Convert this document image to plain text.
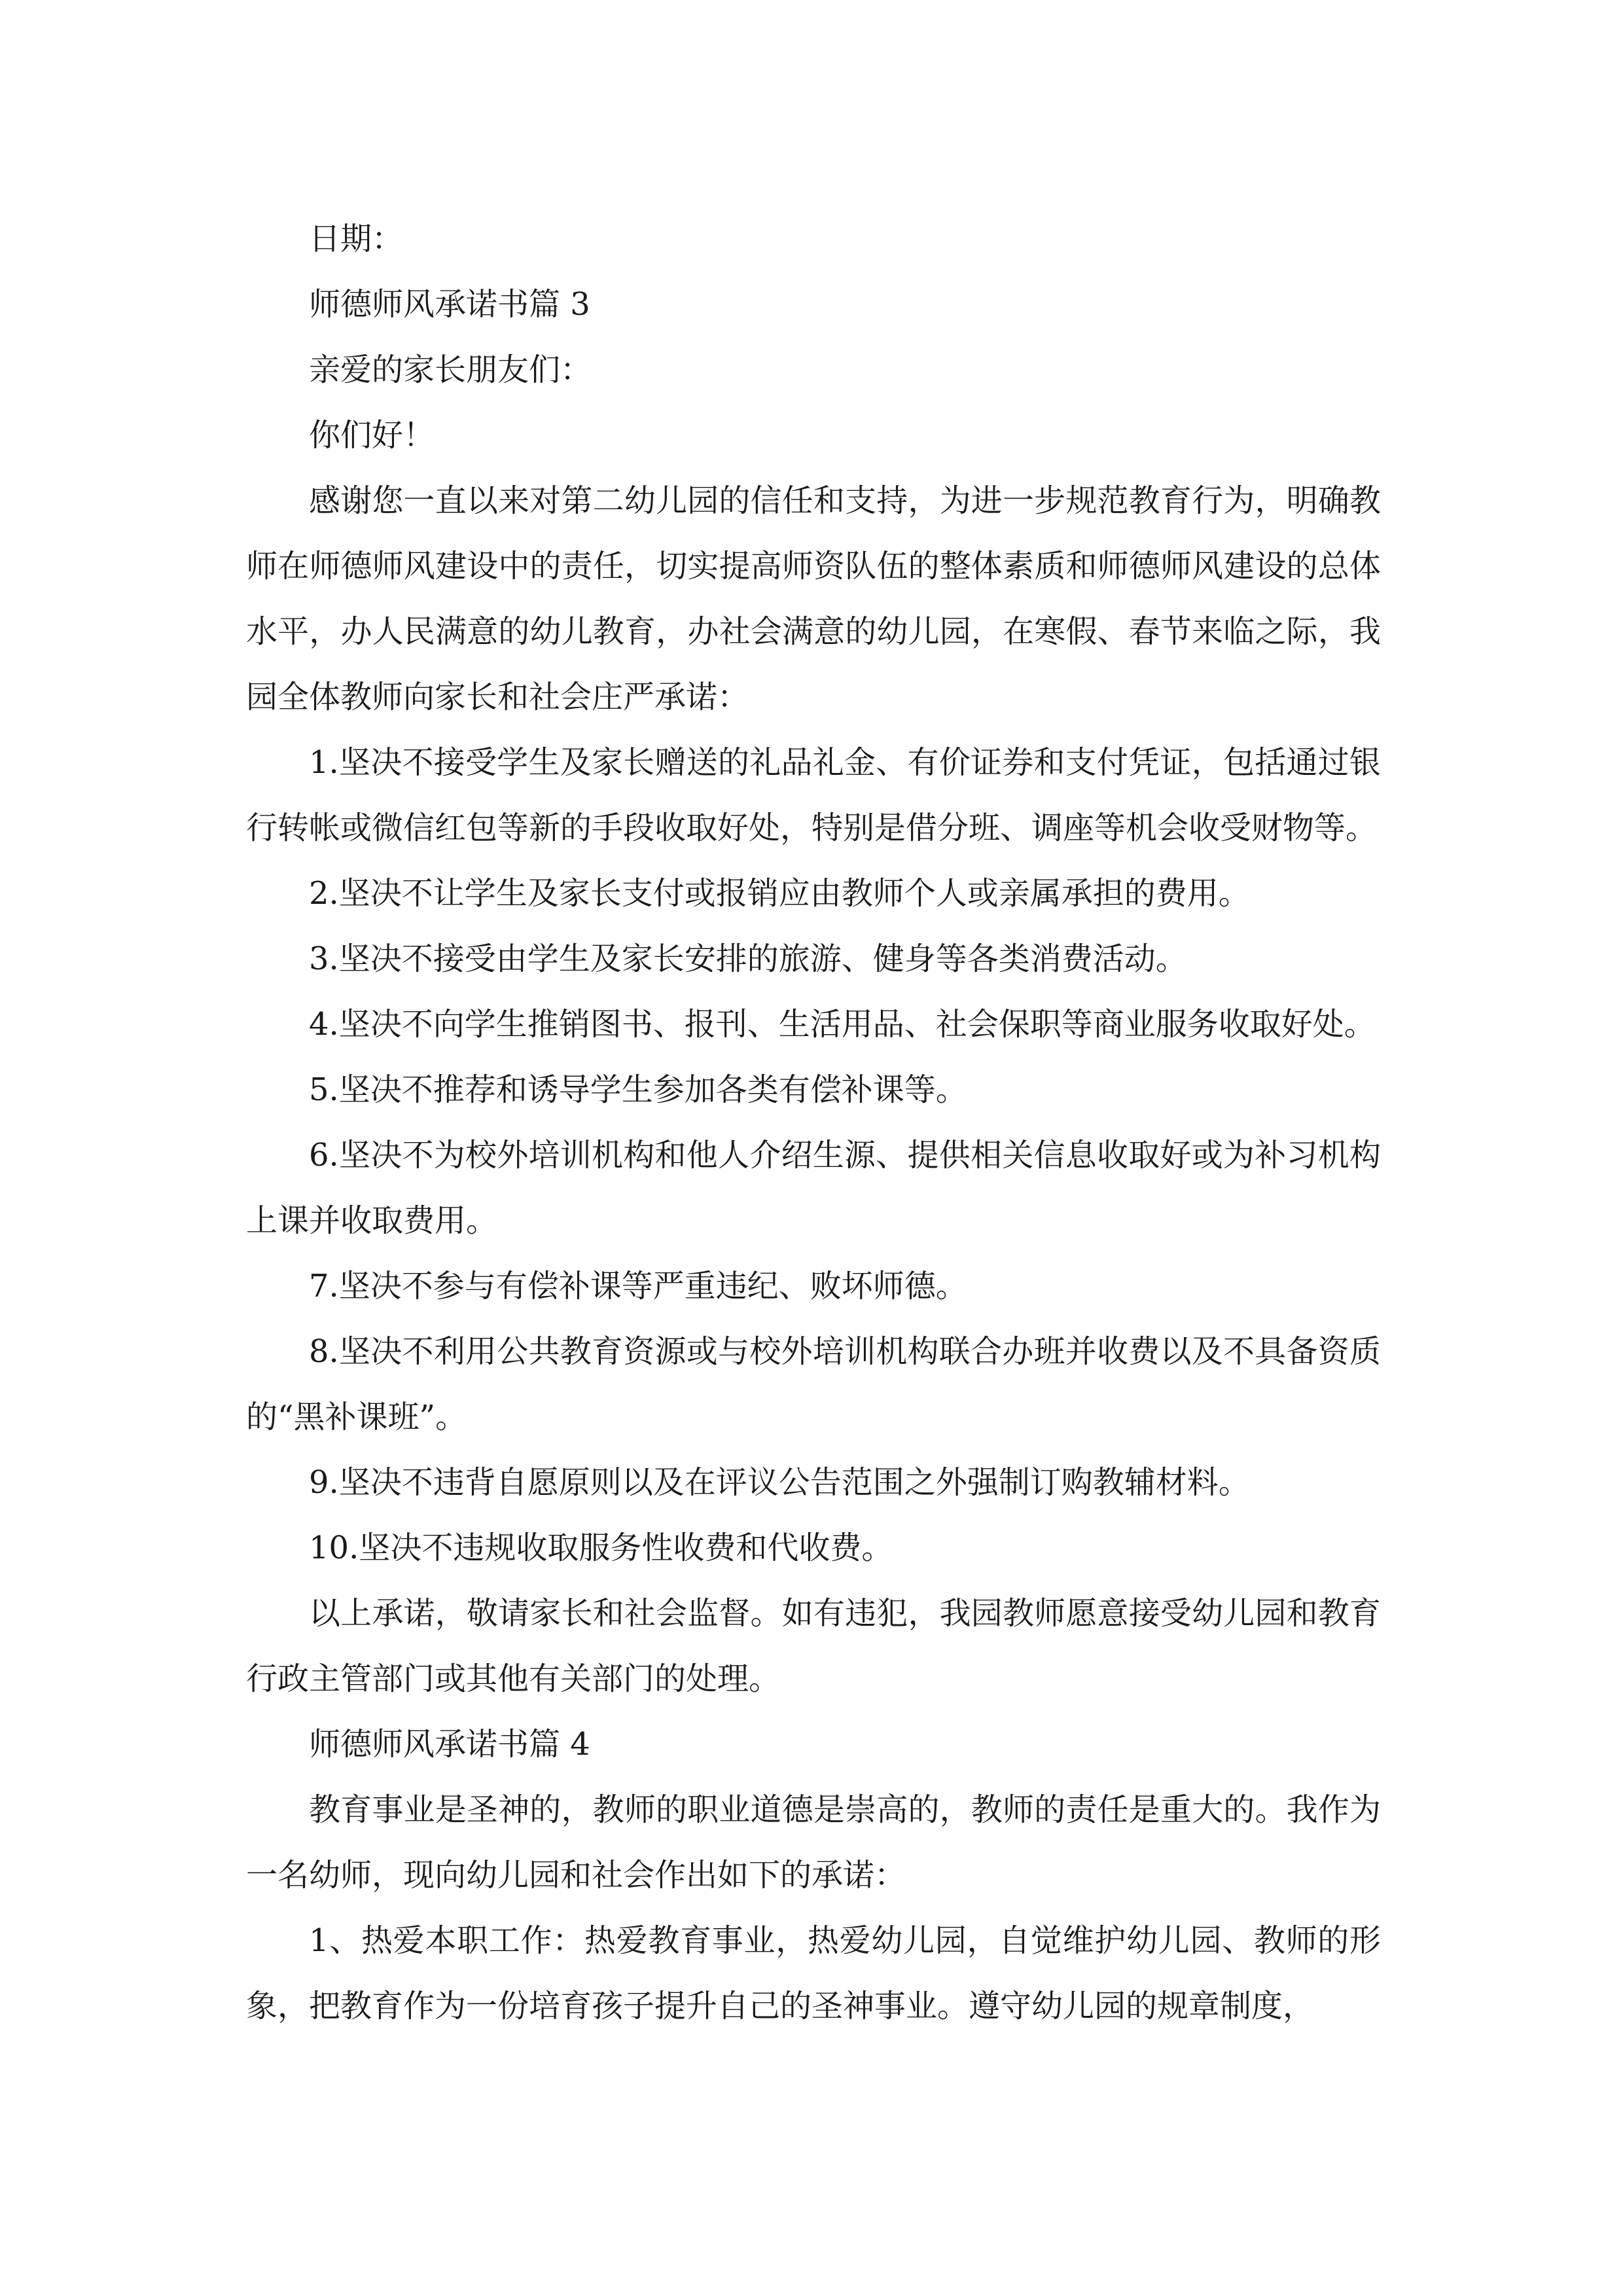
日期：

师德师风承诺书篇 3

亲爱的家长朋友们：

你们好！

感谢您一直以来对第二幼儿园的信任和支持，为进一步规范教育行为，明确教师在师德师风建设中的责任，切实提高师资队伍的整体素质和师德师风建设的总体水平，办人民满意的幼儿教育，办社会满意的幼儿园，在寒假、春节来临之际，我园全体教师向家长和社会庄严承诺：

1.坚决不接受学生及家长赠送的礼品礼金、有价证券和支付凭证，包括通过银行转帐或微信红包等新的手段收取好处，特别是借分班、调座等机会收受财物等。

2.坚决不让学生及家长支付或报销应由教师个人或亲属承担的费用。

3.坚决不接受由学生及家长安排的旅游、健身等各类消费活动。

4.坚决不向学生推销图书、报刊、生活用品、社会保职等商业服务收取好处。

5.坚决不推荐和诱导学生参加各类有偿补课等。

6.坚决不为校外培训机构和他人介绍生源、提供相关信息收取好或为补习机构上课并收取费用。

7.坚决不参与有偿补课等严重违纪、败坏师德。

8.坚决不利用公共教育资源或与校外培训机构联合办班并收费以及不具备资质的“黑补课班”。

9.坚决不违背自愿原则以及在评议公告范围之外强制订购教辅材料。

10.坚决不违规收取服务性收费和代收费。

以上承诺，敬请家长和社会监督。如有违犯，我园教师愿意接受幼儿园和教育行政主管部门或其他有关部门的处理。

师德师风承诺书篇 4

教育事业是圣神的，教师的职业道德是崇高的，教师的责任是重大的。我作为一名幼师，现向幼儿园和社会作出如下的承诺：

1、热爱本职工作：热爱教育事业，热爱幼儿园，自觉维护幼儿园、教师的形象，把教育作为一份培育孩子提升自己的圣神事业。遵守幼儿园的规章制度，
